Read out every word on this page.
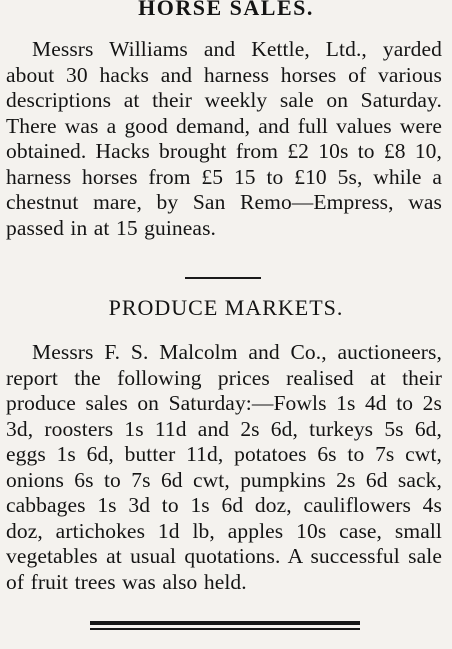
HORSE SALES.

Messrs Williams and Kettle, Ltd., yarded about 30 hacks and harness horses of various descriptions at their weekly sale on Saturday. There was a good demand, and full values were obtained. Hacks brought from £2 10s to £8 10, harness horses from £5 15 to £10 5s, while a chestnut mare, by San Remo—Empress, was passed in at 15 guineas.

PRODUCE MARKETS.

Messrs F. S. Malcolm and Co., auctioneers, report the following prices realised at their produce sales on Saturday:—Fowls 1s 4d to 2s 3d, roosters 1s 11d and 2s 6d, turkeys 5s 6d, eggs 1s 6d, butter 11d, potatoes 6s to 7s cwt, onions 6s to 7s 6d cwt, pumpkins 2s 6d sack, cabbages 1s 3d to 1s 6d doz, cauliflowers 4s doz, artichokes 1d lb, apples 10s case, small vegetables at usual quotations. A successful sale of fruit trees was also held.
